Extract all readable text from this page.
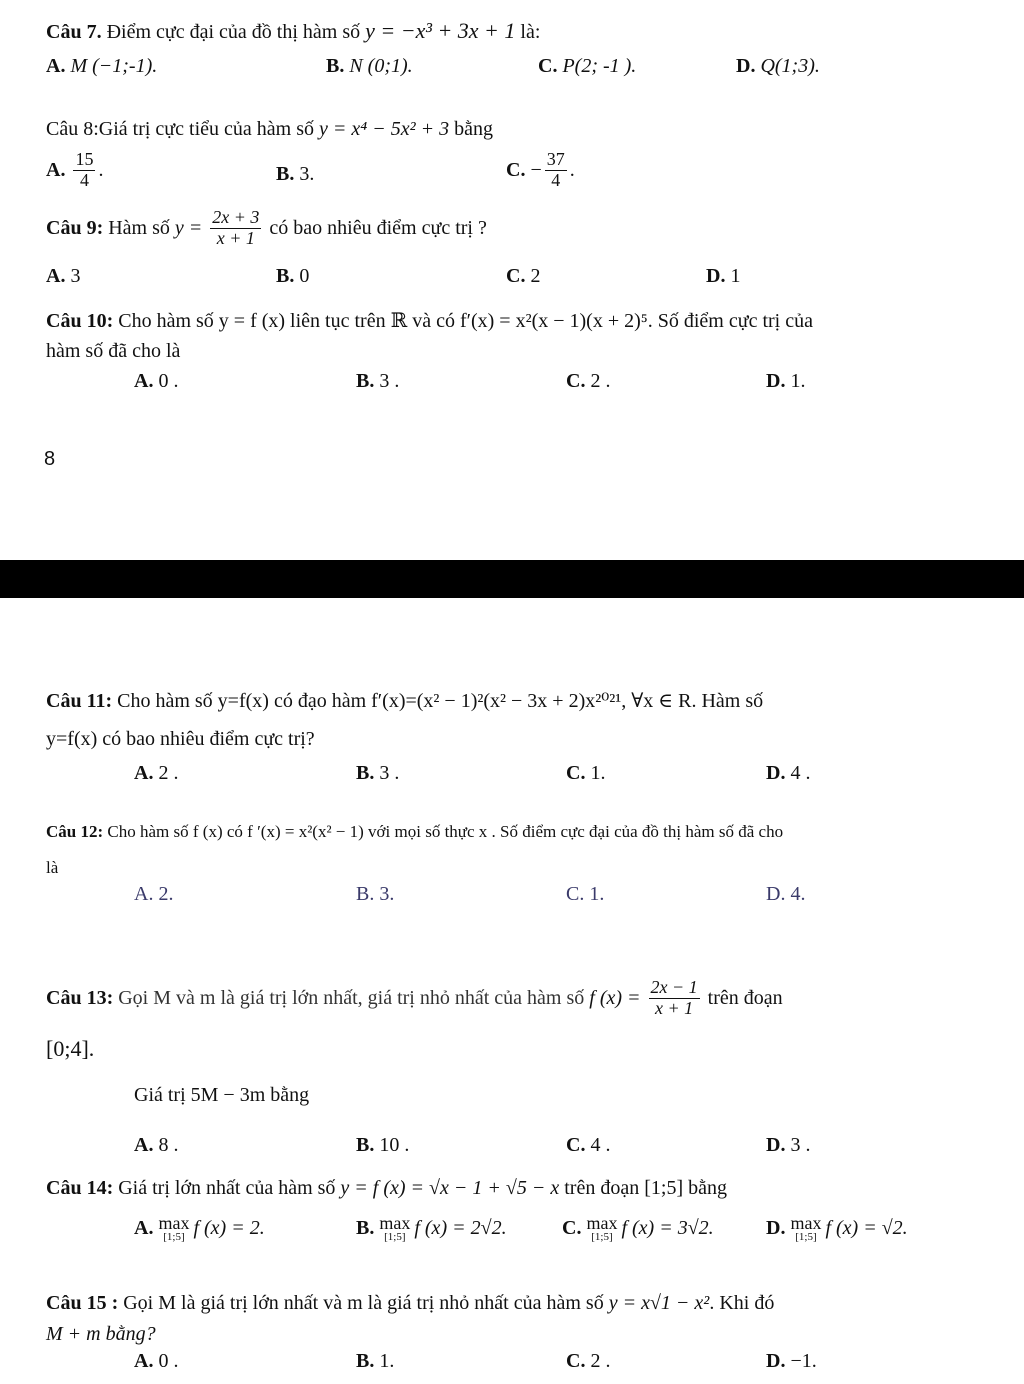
Câu 7. Điểm cực đại của đồ thị hàm số y = −x³ + 3x + 1 là:
A. M (−1;-1).	B. N (0;1).	C. P(2; -1 ).	D. Q(1;3).
Câu 8:Giá trị cực tiểu của hàm số y = x⁴ − 5x² + 3 bằng
A. $\frac{15}{4}$ .	B. 3.	C. − $\frac{37}{4}$ .
Câu 9: Hàm số $y = \frac{2x + 3}{x + 1}$ có bao nhiêu điểm cực trị ?
A. 3	B. 0	C. 2	D. 1
Câu 10: Cho hàm số y = f (x) liên tục trên ℝ và có f′(x) = x²(x − 1)(x + 2)⁵. Số điểm cực trị của
hàm số đã cho là
A. 0 .	B. 3 .	C. 2 .	D. 1.
8
Câu 11: Cho hàm số y=f(x) có đạo hàm f′(x)=(x² − 1)²(x² − 3x + 2)x²⁰²¹, ∀x ∈ R. Hàm số
y=f(x) có bao nhiêu điểm cực trị?
A. 2 .	B. 3 .	C. 1.	D. 4 .
Câu 12: Cho hàm số f (x) có f ′(x) = x²(x² − 1) với mọi số thực x . Số điểm cực đại của đồ thị hàm số đã cho
là
A. 2.	B. 3.	C. 1.	D. 4.
Câu 13: Gọi M và m là giá trị lớn nhất, giá trị nhỏ nhất của hàm số f $(x) = \frac{2x - 1}{x + 1}$ trên đoạn
[0;4].
Giá trị 5M − 3m bằng
A. 8 .	B. 10 .	C. 4 .	D. 3 .
Câu 14: Giá trị lớn nhất của hàm số y = f (x) = √x − 1 + √5 − x trên đoạn [1;5] bằng
A. max
[1;5] f (x) = 2.	B. max
[1;5] f (x) = 2√2.	C. max
[1;5] f (x) = 3√2.	D. max
[1;5] f (x) = √2.
Câu 15 : Gọi M là giá trị lớn nhất và m là giá trị nhỏ nhất của hàm số y = x√1 − x². Khi đó
M + m bằng?
A. 0 .	B. 1.	C. 2 .	D. −1.
